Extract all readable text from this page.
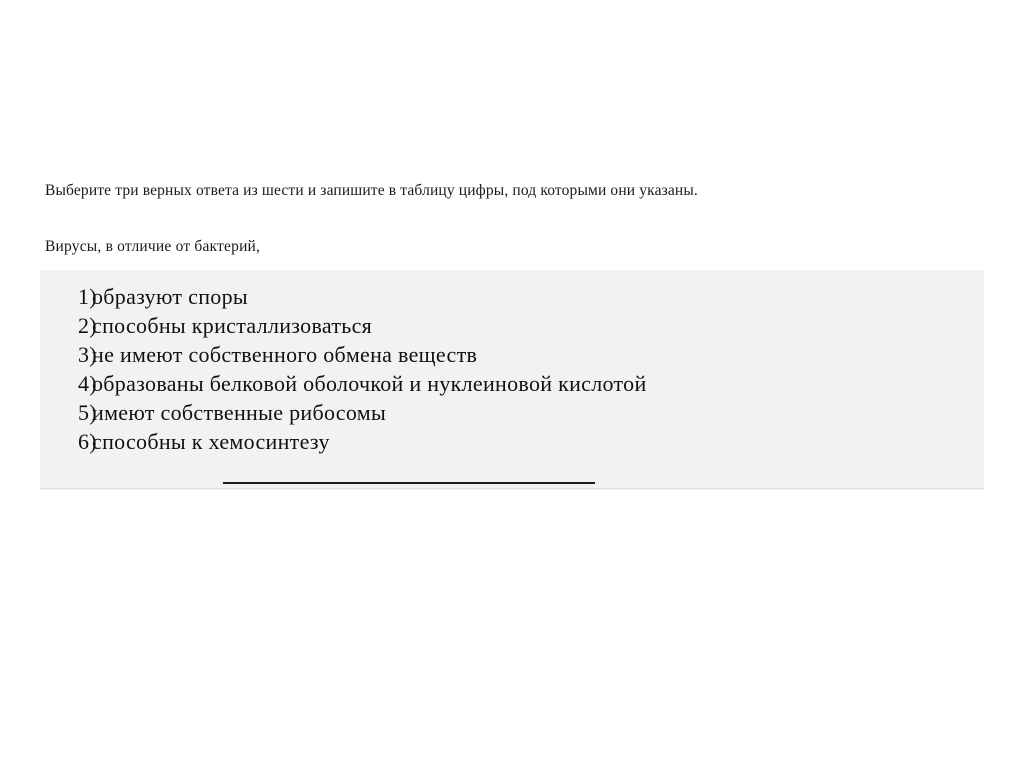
Выберите три верных ответа из шести и запишите в таблицу цифры, под которыми они указаны.
Вирусы, в отличие от бактерий,
1)
образуют споры
2)
способны кристаллизоваться
3)
не имеют собственного обмена веществ
4)
образованы белковой оболочкой и нуклеиновой кислотой
5)
имеют собственные рибосомы
6)
способны к хемосинтезу
